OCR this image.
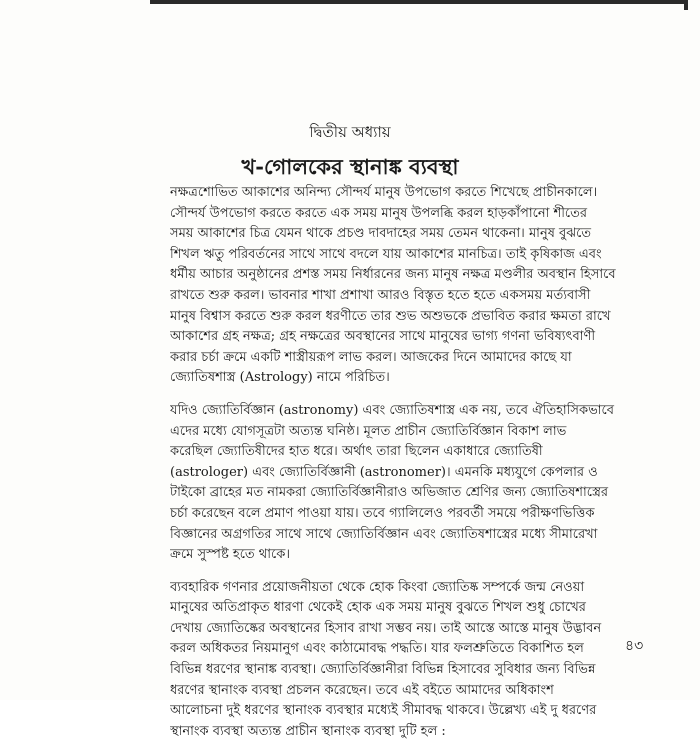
দ্বিতীয় অধ্যায়
খ-গোলকের স্থানাঙ্ক ব্যবস্থা

নক্ষত্রশোভিত আকাশের অনিন্দ্য সৌন্দর্য মানুষ উপভোগ করতে শিখেছে প্রাচীনকালে।
সৌন্দর্য উপভোগ করতে করতে এক সময় মানুষ উপলব্ধি করল হাড়কাঁপানো শীতের
সময় আকাশের চিত্র যেমন থাকে প্রচণ্ড দাবদাহের সময় তেমন থাকেনা। মানুষ বুঝতে
শিখল ঋতু পরিবর্তনের সাথে সাথে বদলে যায় আকাশের মানচিত্র। তাই কৃষিকাজ এবং
ধর্মীয় আচার অনুষ্ঠানের প্রশস্ত সময় নির্ধারনের জন্য মানুষ নক্ষত্র মণ্ডলীর অবস্থান হিসাবে
রাখতে শুরু করল। ভাবনার শাখা প্রশাখা আরও বিস্তৃত হতে হতে একসময় মর্ত্যবাসী
মানুষ বিশ্বাস করতে শুরু করল ধরণীতে তার শুভ অশুভকে প্রভাবিত করার ক্ষমতা রাখে
আকাশের গ্রহ নক্ষত্র; গ্রহ নক্ষত্রের অবস্থানের সাথে মানুষের ভাগ্য গণনা ভবিষ্যৎবাণী
করার চর্চা ক্রমে একটি শাস্ত্রীয়রূপ লাভ করল। আজকের দিনে আমাদের কাছে যা
জ্যোতিষশাস্ত্র (Astrology) নামে পরিচিত।

যদিও জ্যোতির্বিজ্ঞান (astronomy) এবং জ্যোতিষশাস্ত্র এক নয়, তবে ঐতিহাসিকভাবে
এদের মধ্যে যোগসূত্রটা অত্যন্ত ঘনিষ্ঠ। মূলত প্রাচীন জ্যোতির্বিজ্ঞান বিকাশ লাভ
করেছিল জ্যোতিষীদের হাত ধরে। অর্থাৎ তারা ছিলেন একাধারে জ্যোতিষী
(astrologer) এবং জ্যোতির্বিজ্ঞানী (astronomer)। এমনকি মধ্যযুগে কেপলার ও
টাইকো ব্রাহের মত নামকরা জ্যোতির্বিজ্ঞানীরাও অভিজাত শ্রেণির জন্য জ্যোতিষশাস্ত্রের
চর্চা করেছেন বলে প্রমাণ পাওয়া যায়। তবে গ্যালিলেও পরবর্তী সময়ে পরীক্ষণভিত্তিক
বিজ্ঞানের অগ্রগতির সাথে সাথে জ্যোতির্বিজ্ঞান এবং জ্যোতিষশাস্ত্রের মধ্যে সীমারেখা
ক্রমে সুস্পষ্ট হতে থাকে।

ব্যবহারিক গণনার প্রয়োজনীয়তা থেকে হোক কিংবা জ্যোতিষ্ক সম্পর্কে জন্ম নেওয়া
মানুষের অতিপ্রাকৃত ধারণা থেকেই হোক এক সময় মানুষ বুঝতে শিখল শুধু চোখের
দেখায় জ্যোতিষ্কের অবস্থানের হিসাব রাখা সম্ভব নয়। তাই আস্তে আস্তে মানুষ উদ্ভাবন
করল অধিকতর নিয়মানুগ এবং কাঠামোবদ্ধ পদ্ধতি। যার ফলশ্রুতিতে বিকাশিত হল
বিভিন্ন ধরণের স্থানাঙ্ক ব্যবস্থা। জ্যোতির্বিজ্ঞানীরা বিভিন্ন হিসাবের সুবিধার জন্য বিভিন্ন
ধরণের স্থানাংক ব্যবস্থা প্রচলন করেছেন। তবে এই বইতে আমাদের অধিকাংশ
আলোচনা দুই ধরণের স্থানাংক ব্যবস্থার মধ্যেই সীমাবদ্ধ থাকবে। উল্লেখ্য এই দু ধরণের
স্থানাংক ব্যবস্থা অত্যন্ত প্রাচীন স্থানাংক ব্যবস্থা দুটি হল :

৪৩
